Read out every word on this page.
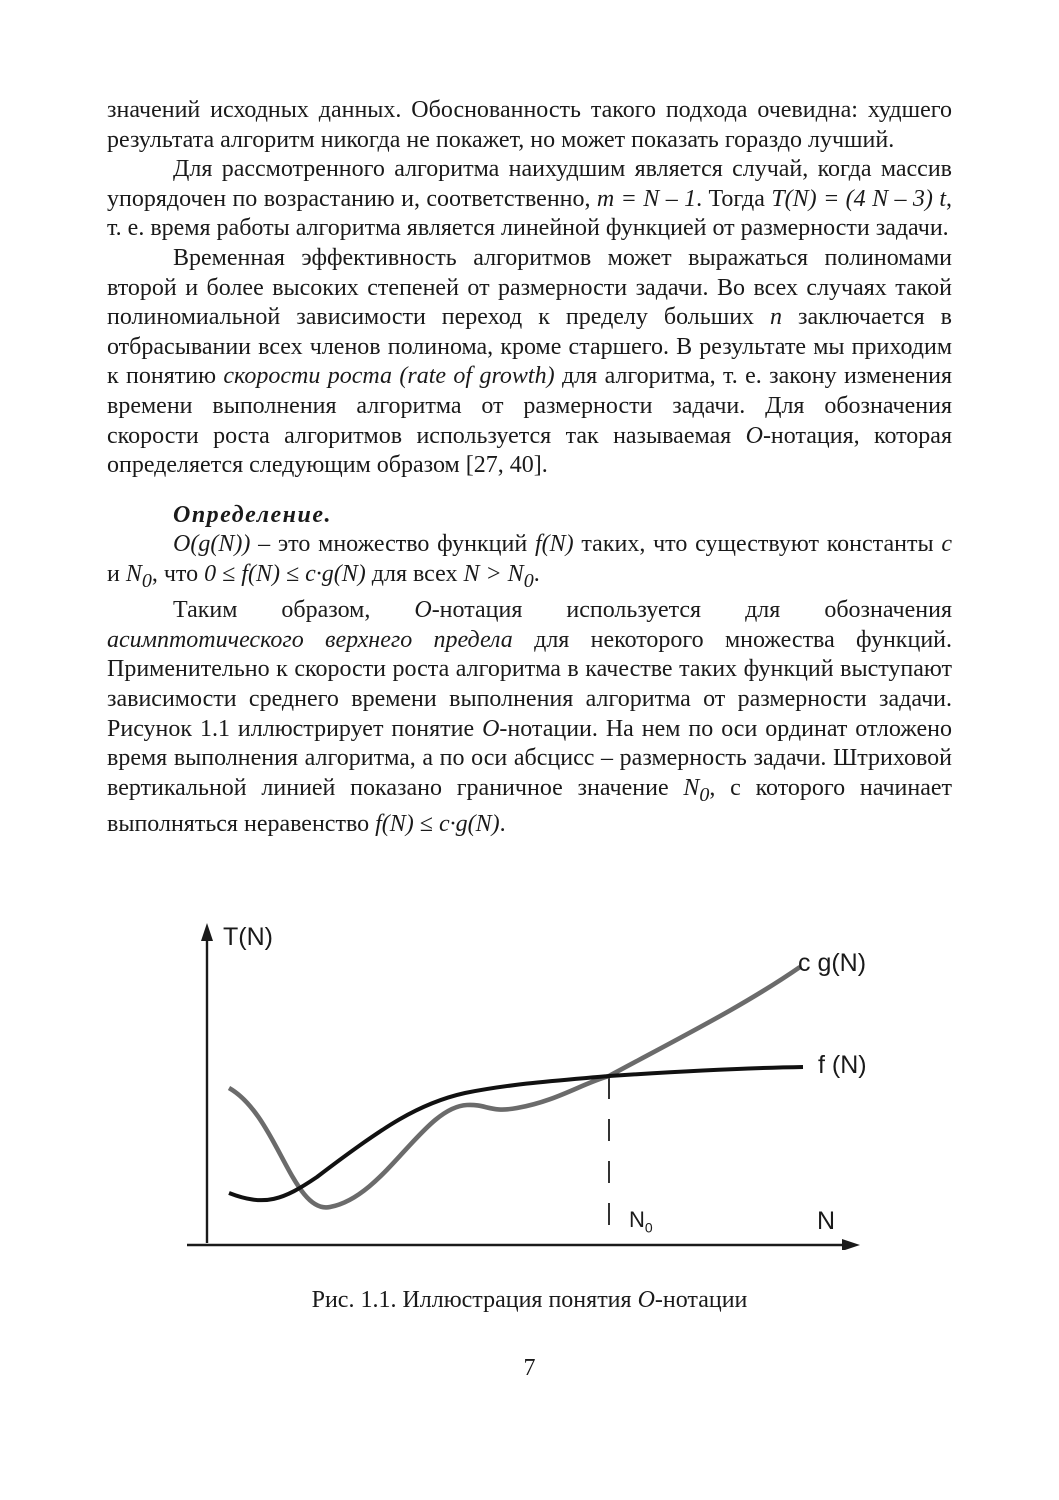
значений исходных данных. Обоснованность такого подхода очевидна: худшего результата алгоритм никогда не покажет, но может показать гораздо лучший.

Для рассмотренного алгоритма наихудшим является случай, когда массив упорядочен по возрастанию и, соответственно, m = N – 1. Тогда T(N) = (4 N – 3) t, т. е. время работы алгоритма является линейной функцией от размерности задачи.

Временная эффективность алгоритмов может выражаться полиномами второй и более высоких степеней от размерности задачи. Во всех случаях такой полиномиальной зависимости переход к пределу больших n заключается в отбрасывании всех членов полинома, кроме старшего. В результате мы приходим к понятию скорости роста (rate of growth) для алгоритма, т. е. закону изменения времени выполнения алгоритма от размерности задачи. Для обозначения скорости роста алгоритмов используется так называемая O-нотация, которая определяется следующим образом [27, 40].

Определение.

O(g(N)) – это множество функций f(N) таких, что существуют константы c и $N_0$, что 0 ≤ f(N) ≤ c·g(N) для всех $N > N_0$.

Таким образом, O-нотация используется для обозначения асимптотического верхнего предела для некоторого множества функций. Применительно к скорости роста алгоритма в качестве таких функций выступают зависимости среднего времени выполнения алгоритма от размерности задачи. Рисунок 1.1 иллюстрирует понятие O-нотации. На нем по оси ординат отложено время выполнения алгоритма, а по оси абсцисс – размерность задачи. Штриховой вертикальной линией показано граничное значение $N_0$, с которого начинает выполняться неравенство f(N) ≤ c·g(N).

T(N)
c g(N)
f (N)
$N_0$	N
Рис. 1.1. Иллюстрация понятия O-нотации
7
